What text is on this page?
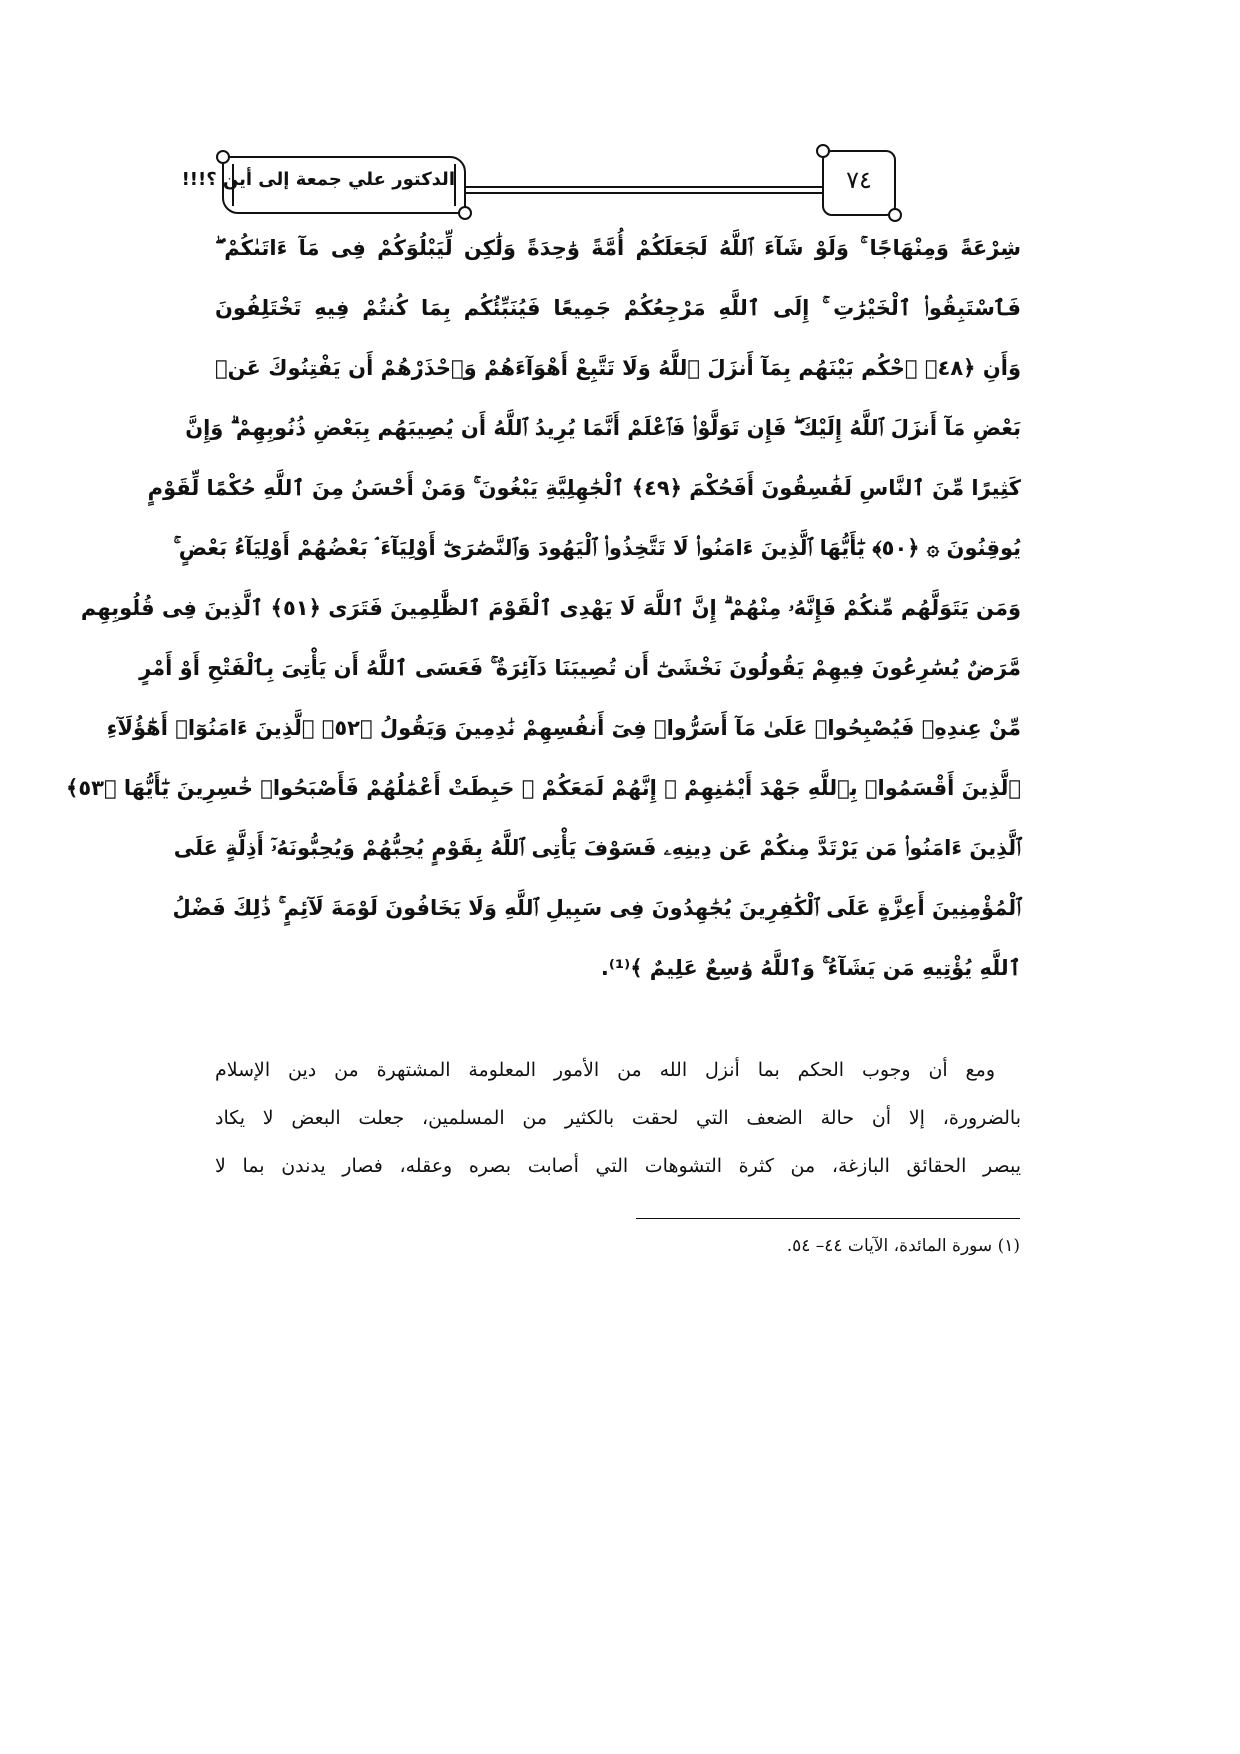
الدكتور علي جمعة إلى أين ؟!!!	٧٤
شِرْعَةً وَمِنْهَاجًا ۚ وَلَوْ شَآءَ ٱللَّهُ لَجَعَلَكُمْ أُمَّةً وَٰحِدَةً وَلَٰكِن لِّيَبْلُوَكُمْ فِى مَآ ءَاتَىٰكُمْ ۖ
فَٱسْتَبِقُوا۟ ٱلْخَيْرَٰتِ ۚ إِلَى ٱللَّهِ مَرْجِعُكُمْ جَمِيعًا فَيُنَبِّئُكُم بِمَا كُنتُمْ فِيهِ تَخْتَلِفُونَ
وَأَنِ ﴿٤٨﴾ ٱحْكُم بَيْنَهُم بِمَآ أَنزَلَ ٱللَّهُ وَلَا تَتَّبِعْ أَهْوَآءَهُمْ وَٱحْذَرْهُمْ أَن يَفْتِنُوكَ عَنۢ
بَعْضِ مَآ أَنزَلَ ٱللَّهُ إِلَيْكَ ۖ فَإِن تَوَلَّوْا۟ فَٱعْلَمْ أَنَّمَا يُرِيدُ ٱللَّهُ أَن يُصِيبَهُم بِبَعْضِ ذُنُوبِهِمْ ۗ وَإِنَّ
كَثِيرًا مِّنَ ٱلنَّاسِ لَفَٰسِقُونَ أَفَحُكْمَ ﴿٤٩﴾ ٱلْجَٰهِلِيَّةِ يَبْغُونَ ۚ وَمَنْ أَحْسَنُ مِنَ ٱللَّهِ حُكْمًا لِّقَوْمٍ
يُوقِنُونَ ۞ ﴿٥٠﴾ يَٰٓأَيُّهَا ٱلَّذِينَ ءَامَنُوا۟ لَا تَتَّخِذُوا۟ ٱلْيَهُودَ وَٱلنَّصَٰرَىٰٓ أَوْلِيَآءَ ۘ بَعْضُهُمْ أَوْلِيَآءُ بَعْضٍ ۚ
وَمَن يَتَوَلَّهُم مِّنكُمْ فَإِنَّهُۥ مِنْهُمْ ۗ إِنَّ ٱللَّهَ لَا يَهْدِى ٱلْقَوْمَ ٱلظَّٰلِمِينَ فَتَرَى ﴿٥١﴾ ٱلَّذِينَ فِى قُلُوبِهِم
مَّرَضٌ يُسَٰرِعُونَ فِيهِمْ يَقُولُونَ نَخْشَىٰٓ أَن تُصِيبَنَا دَآئِرَةٌ ۚ فَعَسَى ٱللَّهُ أَن يَأْتِىَ بِٱلْفَتْحِ أَوْ أَمْرٍ
مِّنْ عِندِهِۦ فَيُصْبِحُوا۟ عَلَىٰ مَآ أَسَرُّوا۟ فِىٓ أَنفُسِهِمْ نَٰدِمِينَ وَيَقُولُ ﴿٥٢﴾ ٱلَّذِينَ ءَامَنُوٓا۟ أَهَٰٓؤُلَآءِ
ٱلَّذِينَ أَقْسَمُوا۟ بِٱللَّهِ جَهْدَ أَيْمَٰنِهِمْ ۙ إِنَّهُمْ لَمَعَكُمْ ۚ حَبِطَتْ أَعْمَٰلُهُمْ فَأَصْبَحُوا۟ خَٰسِرِينَ يَٰٓأَيُّهَا ﴿٥٣﴾
ٱلَّذِينَ ءَامَنُوا۟ مَن يَرْتَدَّ مِنكُمْ عَن دِينِهِۦ فَسَوْفَ يَأْتِى ٱللَّهُ بِقَوْمٍ يُحِبُّهُمْ وَيُحِبُّونَهُۥٓ أَذِلَّةٍ عَلَى
ٱلْمُؤْمِنِينَ أَعِزَّةٍ عَلَى ٱلْكَٰفِرِينَ يُجَٰهِدُونَ فِى سَبِيلِ ٱللَّهِ وَلَا يَخَافُونَ لَوْمَةَ لَآئِمٍ ۚ ذَٰلِكَ فَضْلُ
ٱللَّهِ يُؤْتِيهِ مَن يَشَآءُ ۚ وَٱللَّهُ وَٰسِعٌ عَلِيمٌ ﴾⁽¹⁾.
ومع أن وجوب الحكم بما أنزل الله من الأمور المعلومة المشتهرة من دين الإسلام
بالضرورة، إلا أن حالة الضعف التي لحقت بالكثير من المسلمين، جعلت البعض لا يكاد
يبصر الحقائق البازغة، من كثرة التشوهات التي أصابت بصره وعقله، فصار يدندن بما لا
(١) سورة المائدة، الآيات ٤٤– ٥٤.
